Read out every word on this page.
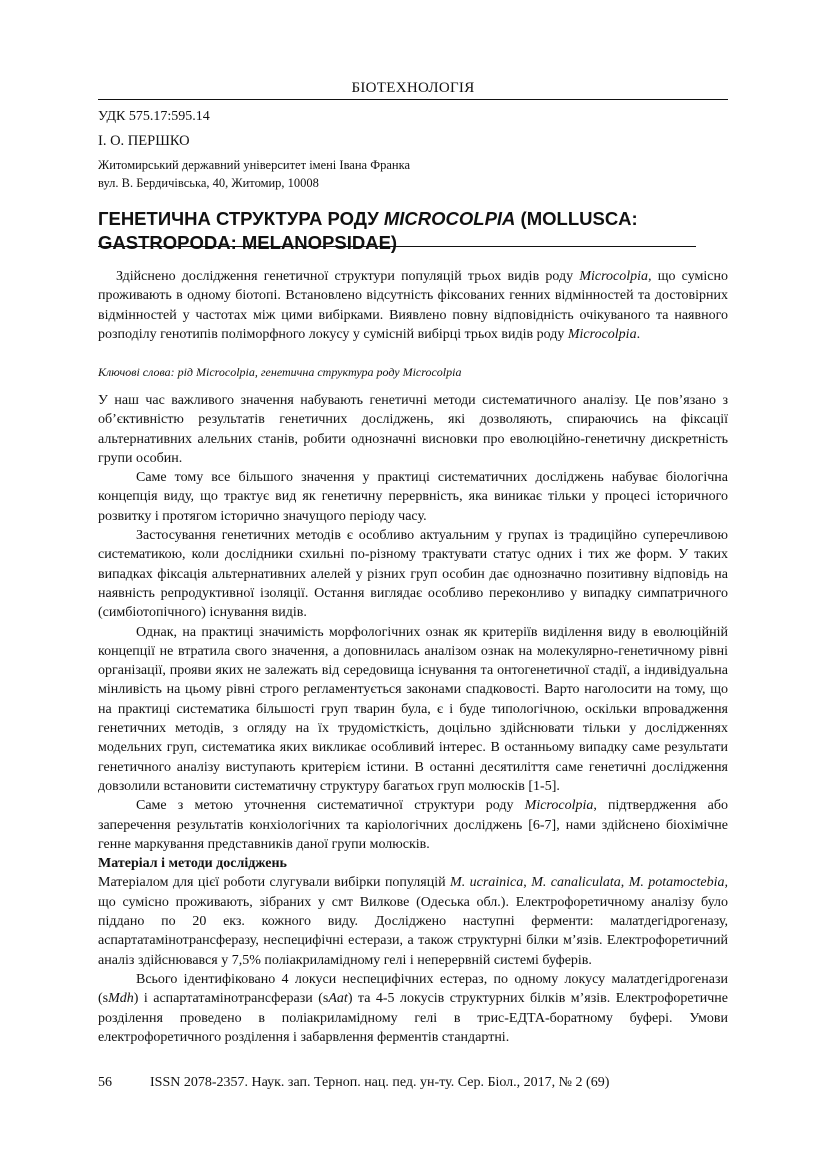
БІОТЕХНОЛОГІЯ
УДК 575.17:595.14
І. О. ПЕРШКО
Житомирський державний університет імені Івана Франка
вул. В. Бердичівська, 40, Житомир, 10008
ГЕНЕТИЧНА СТРУКТУРА РОДУ MICROCOLPIA (MOLLUSCA: GASTROPODA: MELANOPSIDAE)
Здійснено дослідження генетичної структури популяцій трьох видів роду Microcolpia, що сумісно проживають в одному біотопі. Встановлено відсутність фіксованих генних відмінностей та достовірних відмінностей у частотах між цими вибірками. Виявлено повну відповідність очікуваного та наявного розподілу генотипів поліморфного локусу у сумісній вибірці трьох видів роду Microcolpia.
Ключові слова: рід Microcolpia, генетична структура роду Microcolpia

У наш час важливого значення набувають генетичні методи систематичного аналізу. Це пов’язано з об’єктивністю результатів генетичних досліджень, які дозволяють, спираючись на фіксації альтернативних алельних станів, робити однозначні висновки про еволюційно-генетичну дискретність групи особин.

Саме тому все більшого значення у практиці систематичних досліджень набуває біологічна концепція виду, що трактує вид як генетичну перервність, яка виникає тільки у процесі історичного розвитку і протягом історично значущого періоду часу.

Застосування генетичних методів є особливо актуальним у групах із традиційно суперечливою систематикою, коли дослідники схильні по-різному трактувати статус одних і тих же форм. У таких випадках фіксація альтернативних алелей у різних груп особин дає однозначно позитивну відповідь на наявність репродуктивної ізоляції. Остання виглядає особливо переконливо у випадку симпатричного (симбіотопічного) існування видів.

Однак, на практиці значимість морфологічних ознак як критеріїв виділення виду в еволюційній концепції не втратила свого значення, а доповнилась аналізом ознак на молекулярно-генетичному рівні організації, прояви яких не залежать від середовища існування та онтогенетичної стадії, а індивідуальна мінливість на цьому рівні строго регламентується законами спадковості. Варто наголосити на тому, що на практиці систематика більшості груп тварин була, є і буде типологічною, оскільки впровадження генетичних методів, з огляду на їх трудомісткість, доцільно здійснювати тільки у дослідженнях модельних груп, систематика яких викликає особливий інтерес. В останньому випадку саме результати генетичного аналізу виступають критерієм істини. В останні десятиліття саме генетичні дослідження довзолили встановити систематичну структуру багатьох груп молюсків [1-5].

Саме з метою уточнення систематичної структури роду Microcolpia, підтвердження або заперечення результатів конхіологічних та каріологічних досліджень [6-7], нами здійснено біохімічне генне маркування представників даної групи молюсків.

Матеріал і методи досліджень

Матеріалом для цієї роботи слугували вибірки популяцій M. ucrainica, M. canaliculata, M. potamoctebia, що сумісно проживають, зібраних у смт Вилкове (Одеська обл.). Електрофоретичному аналізу було піддано по 20 екз. кожного виду. Досліджено наступні ферменти: малатдегідрогеназу, аспартатамінотрансферазу, неспецифічні естерази, а також структурні білки м’язів. Електрофоретичний аналіз здійснювався у 7,5% поліакриламідному гелі і неперервній системі буферів.

Всього ідентифіковано 4 локуси неспецифічних естераз, по одному локусу малатдегідрогенази (sMdh) і аспартатамінотрансферази (sAat) та 4-5 локусів структурних білків м’язів. Електрофоретичне розділення проведено в поліакриламідному гелі в трис-ЕДТА-боратному буфері. Умови електрофоретичного розділення і забарвлення ферментів стандартні.

56	ISSN 2078-2357. Наук. зап. Терноп. нац. пед. ун-ту. Сер. Біол., 2017, № 2 (69)
